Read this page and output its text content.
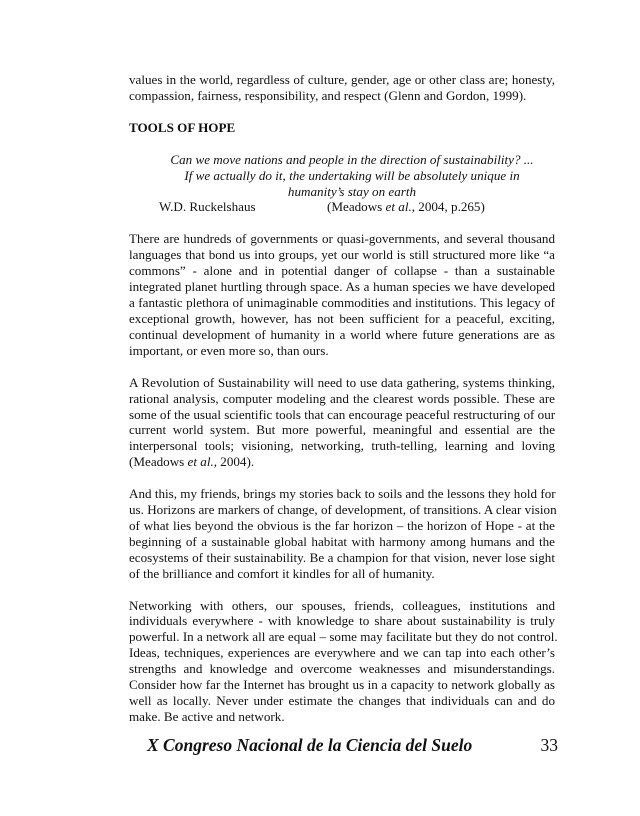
values in the world, regardless of culture, gender, age or other class are; honesty,
compassion, fairness, responsibility, and respect (Glenn and Gordon, 1999).
TOOLS OF HOPE
Can we move nations and people in the direction of sustainability? ...
If we actually do it, the undertaking will be absolutely unique in
humanity’s stay on earth
W.D. Ruckelshaus	(Meadows et al., 2004, p.265)
There are hundreds of governments or quasi-governments, and several thousand
languages that bond us into groups, yet our world is still structured more like “a
commons” - alone and in potential danger of collapse - than a sustainable
integrated planet hurtling through space. As a human species we have developed
a fantastic plethora of unimaginable commodities and institutions. This legacy of
exceptional growth, however, has not been sufficient for a peaceful, exciting,
continual development of humanity in a world where future generations are as
important, or even more so, than ours.
A Revolution of Sustainability will need to use data gathering, systems thinking,
rational analysis, computer modeling and the clearest words possible. These are
some of the usual scientific tools that can encourage peaceful restructuring of our
current world system. But more powerful, meaningful and essential are the
interpersonal tools; visioning, networking, truth-telling, learning and loving
(Meadows et al., 2004).
And this, my friends, brings my stories back to soils and the lessons they hold for
us. Horizons are markers of change, of development, of transitions. A clear vision
of what lies beyond the obvious is the far horizon – the horizon of Hope - at the
beginning of a sustainable global habitat with harmony among humans and the
ecosystems of their sustainability. Be a champion for that vision, never lose sight
of the brilliance and comfort it kindles for all of humanity.
Networking with others, our spouses, friends, colleagues, institutions and
individuals everywhere - with knowledge to share about sustainability is truly
powerful. In a network all are equal – some may facilitate but they do not control.
Ideas, techniques, experiences are everywhere and we can tap into each other’s
strengths and knowledge and overcome weaknesses and misunderstandings.
Consider how far the Internet has brought us in a capacity to network globally as
well as locally. Never under estimate the changes that individuals can and do
make. Be active and network.
X Congreso Nacional de la Ciencia del Suelo	33
